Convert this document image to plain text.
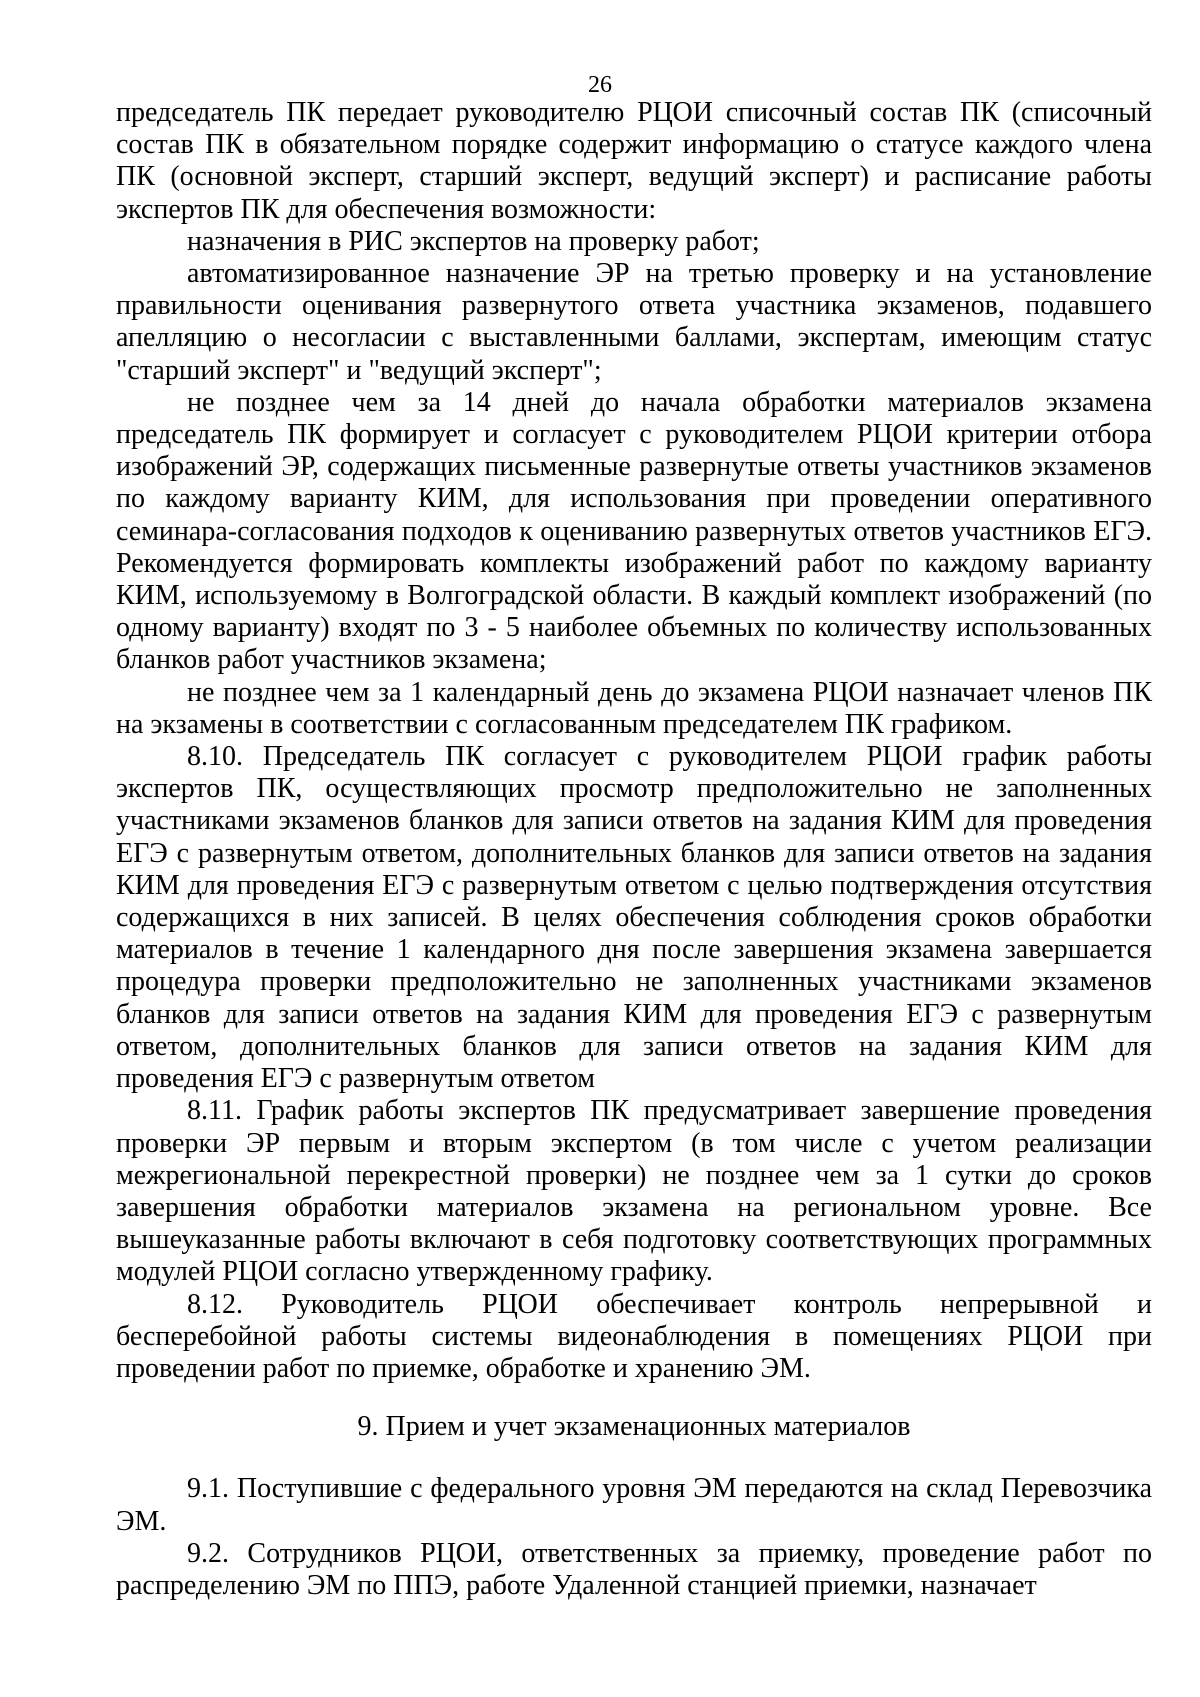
26

председатель ПК передает руководителю РЦОИ списочный состав ПК (списочный состав ПК в обязательном порядке содержит информацию о статусе каждого члена ПК (основной эксперт, старший эксперт, ведущий эксперт) и расписание работы экспертов ПК для обеспечения возможности:

назначения в РИС экспертов на проверку работ;

автоматизированное назначение ЭР на третью проверку и на установление правильности оценивания развернутого ответа участника экзаменов, подавшего апелляцию о несогласии с выставленными баллами, экспертам, имеющим статус "старший эксперт" и "ведущий эксперт";

не позднее чем за 14 дней до начала обработки материалов экзамена председатель ПК формирует и согласует с руководителем РЦОИ критерии отбора изображений ЭР, содержащих письменные развернутые ответы участников экзаменов по каждому варианту КИМ, для использования при проведении оперативного семинара-согласования подходов к оцениванию развернутых ответов участников ЕГЭ. Рекомендуется формировать комплекты изображений работ по каждому варианту КИМ, используемому в Волгоградской области. В каждый комплект изображений (по одному варианту) входят по 3 - 5 наиболее объемных по количеству использованных бланков работ участников экзамена;

не позднее чем за 1 календарный день до экзамена РЦОИ назначает членов ПК на экзамены в соответствии с согласованным председателем ПК графиком.

8.10. Председатель ПК согласует с руководителем РЦОИ график работы экспертов ПК, осуществляющих просмотр предположительно не заполненных участниками экзаменов бланков для записи ответов на задания КИМ для проведения ЕГЭ с развернутым ответом, дополнительных бланков для записи ответов на задания КИМ для проведения ЕГЭ с развернутым ответом с целью подтверждения отсутствия содержащихся в них записей. В целях обеспечения соблюдения сроков обработки материалов в течение 1 календарного дня после завершения экзамена завершается процедура проверки предположительно не заполненных участниками экзаменов бланков для записи ответов на задания КИМ для проведения ЕГЭ с развернутым ответом, дополнительных бланков для записи ответов на задания КИМ для проведения ЕГЭ с развернутым ответом

8.11. График работы экспертов ПК предусматривает завершение проведения проверки ЭР первым и вторым экспертом (в том числе с учетом реализации межрегиональной перекрестной проверки) не позднее чем за 1 сутки до сроков завершения обработки материалов экзамена на региональном уровне. Все вышеуказанные работы включают в себя подготовку соответствующих программных модулей РЦОИ согласно утвержденному графику.

8.12. Руководитель РЦОИ обеспечивает контроль непрерывной и бесперебойной работы системы видеонаблюдения в помещениях РЦОИ при проведении работ по приемке, обработке и хранению ЭМ.

9. Прием и учет экзаменационных материалов

9.1. Поступившие с федерального уровня ЭМ передаются на склад Перевозчика ЭМ.

9.2. Сотрудников РЦОИ, ответственных за приемку, проведение работ по распределению ЭМ по ППЭ, работе Удаленной станцией приемки, назначает
